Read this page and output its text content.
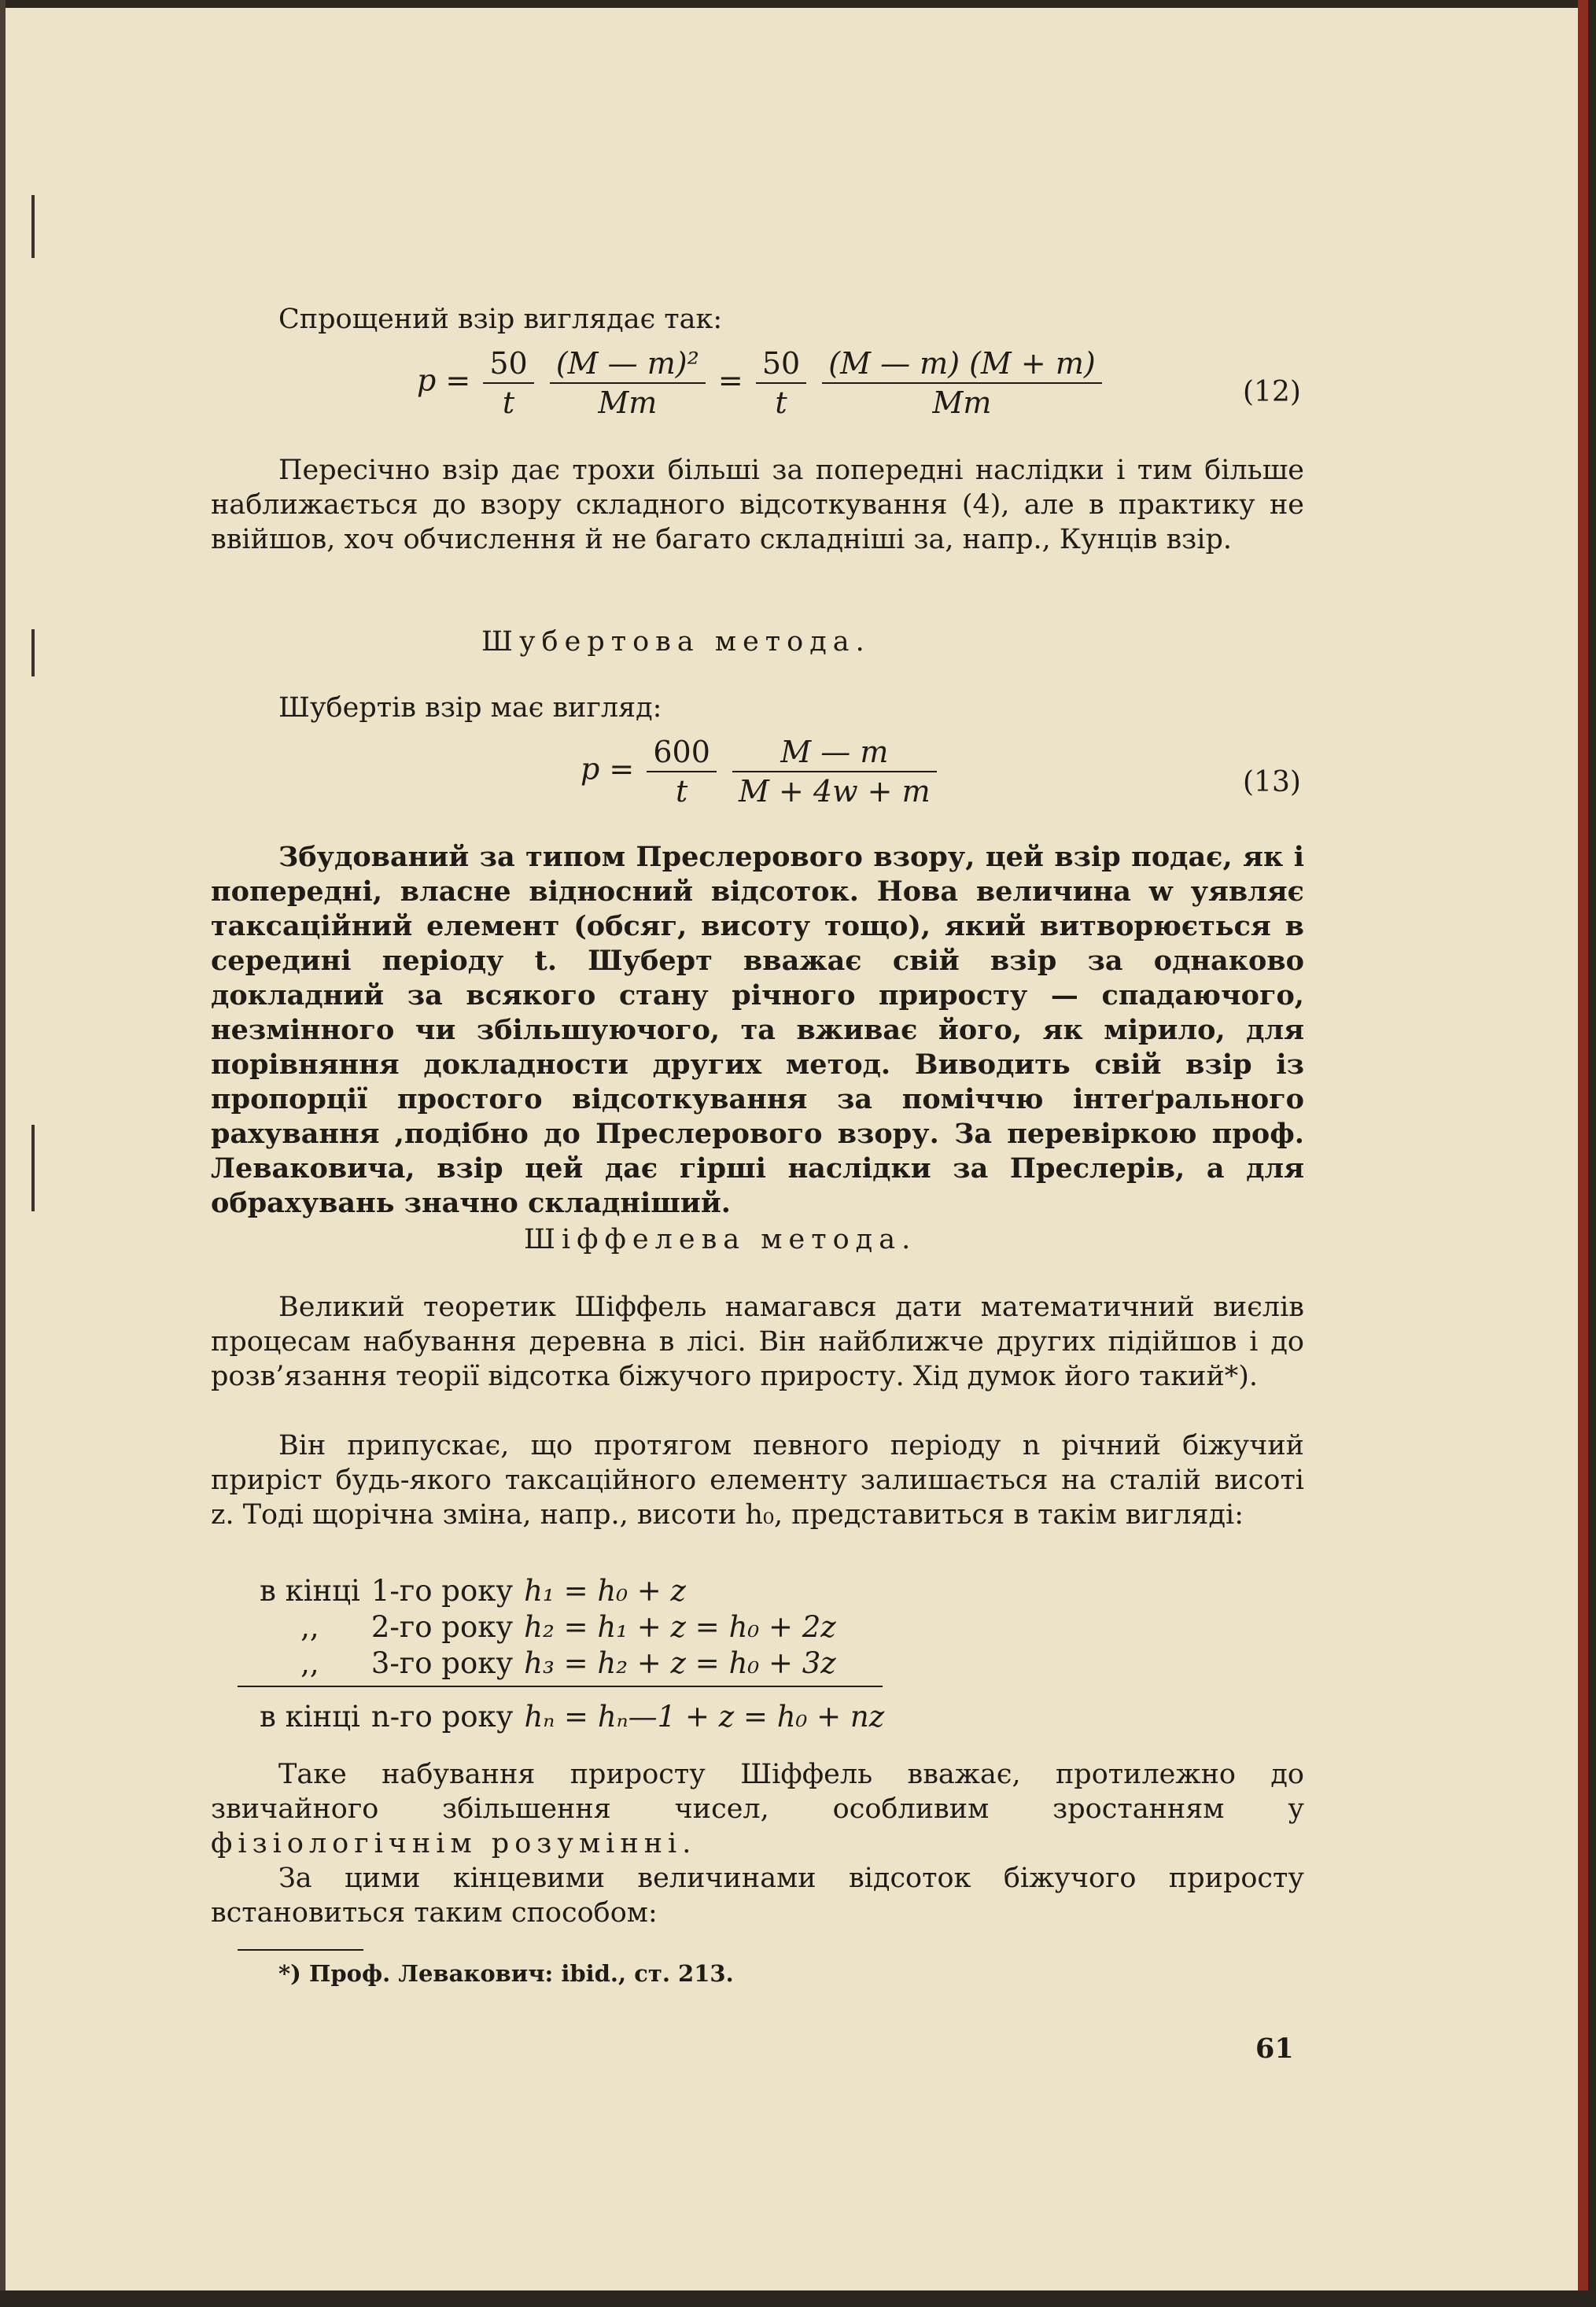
Спрощений взір виглядає так:

$p = \frac{50}{t}$
$\frac{\text{(M — m)²}}{Mm} = \frac{50}{t}$
$\frac{(M — m) (M + m)}{Mm}$	(12)

Пересічно взір дає трохи більші за попередні наслідки і тим більше наближається до взору складного відсоткування (4), але в практику не ввійшов, хоч обчислення й не багато складніші за, напр., Кунців взір.

Шубертова метода.

Шубертів взір має вигляд:

$p = \frac{600}{t}$
$\frac{M — m}{M + 4w + m}$	(13)

Збудований за типом Преслерового взору, цей взір подає, як і попередні, власне відносний відсоток. Нова величина w уявляє таксаційний елемент (обсяг, висоту тощо), який витворюється в середині періоду t. Шуберт вважає свій взір за однаково докладний за всякого стану річного приросту — спадаючого, незмінного чи збільшуючого, та вживає його, як мірило, для порівняння докладности других метод. Виводить свій взір із пропорції простого відсоткування за поміччю інтеґрального рахування ,подібно до Преслерового взору. За перевіркою проф. Левaковича, взір цей дає гірші наслідки за Преслерів, а для обрахувань значно складніший.

Шіффелева метода.

Великий теоретик Шіффель намагався дати математичний виєлів процесам набування деревна в лісі. Він найближче других підійшов і до розв’язання теорії відсотка біжучого приросту. Хід думок його такий*).

Він припускає, що протягом певного періоду n річний біжучий приріст будь-якого таксаційного елементу залишається на сталій висоті z. Тоді щорічна зміна, напр., висоти h₀, представиться в такім вигляді:

в кінці	1-го року	h₁ = h₀ + z
,,	2-го року	h₂ = h₁ + z = h₀ + 2z
,,	3-го року	h₃ = h₂ + z = h₀ + 3z
в кінці	n-го року	hₙ = hₙ—1 + z = h₀ + nz

Таке набування приросту Шіффель вважає, протилежно до звичайного збільшення чисел, особливим зростанням у фізіологічнім розумінні.

За цими кінцевими величинами відсоток біжучого приросту встановиться таким способом:

*) Проф. Левакович: ibid., ст. 213.
61
